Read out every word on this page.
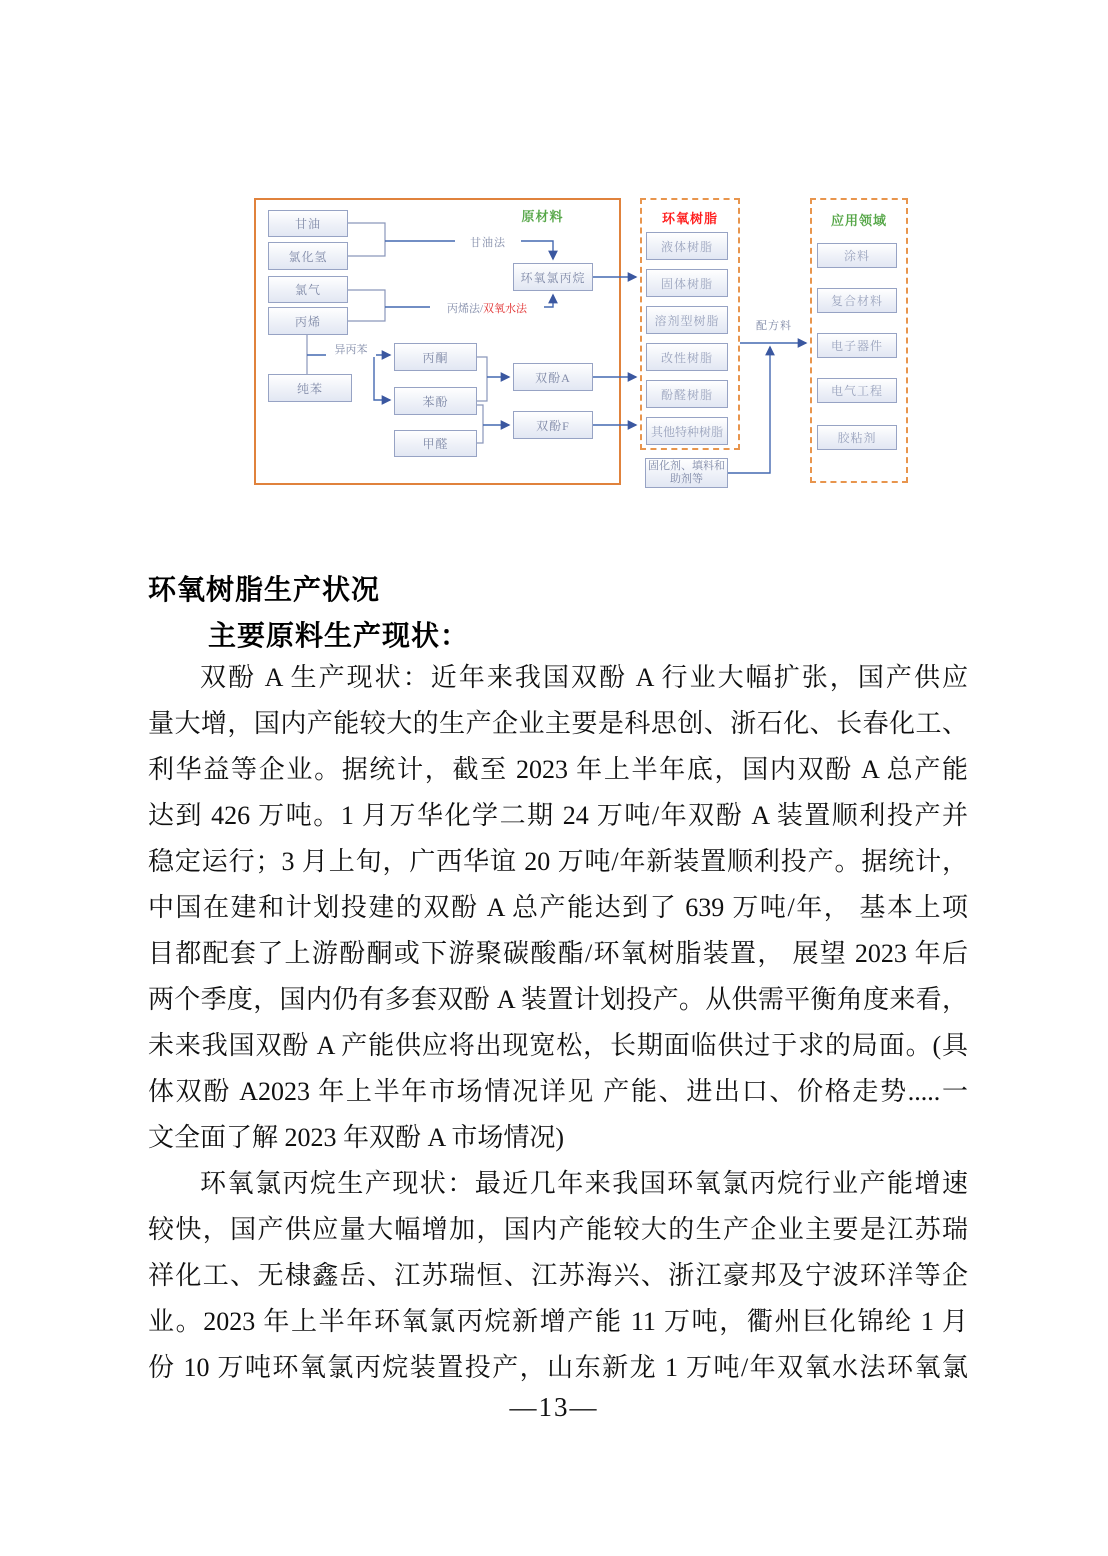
原材料	环氧树脂	应用领域
甘油
氯化氢
氯气
丙烯
纯苯
环氧氯丙烷
丙酮
苯酚
甲醛
双酚A
双酚F
液体树脂
固体树脂
溶剂型树脂
改性树脂
酚醛树脂
其他特种树脂
固化剂、填料和
助剂等
涂料
复合材料
电子器件
电气工程
胶粘剂
甘油法
丙烯法/双氧水法
异丙苯
配方料
环氧树脂生产状况
主要原料生产现状：
双酚 A 生产现状：近年来我国双酚 A 行业大幅扩张，国产供应
量大增，国内产能较大的生产企业主要是科思创、浙石化、长春化工、
利华益等企业。据统计，截至 2023 年上半年底，国内双酚 A 总产能
达到 426 万吨。1 月万华化学二期 24 万吨/年双酚 A 装置顺利投产并
稳定运行；3 月上旬，广西华谊 20 万吨/年新装置顺利投产。据统计，
中国在建和计划投建的双酚 A 总产能达到了 639 万吨/年， 基本上项
目都配套了上游酚酮或下游聚碳酸酯/环氧树脂装置， 展望 2023 年后
两个季度，国内仍有多套双酚 A 装置计划投产。从供需平衡角度来看，
未来我国双酚 A 产能供应将出现宽松，长期面临供过于求的局面。(具
体双酚 A2023 年上半年市场情况详见 产能、进出口、价格走势.....一
文全面了解 2023 年双酚 A 市场情况)
环氧氯丙烷生产现状：最近几年来我国环氧氯丙烷行业产能增速
较快，国产供应量大幅增加，国内产能较大的生产企业主要是江苏瑞
祥化工、无棣鑫岳、江苏瑞恒、江苏海兴、浙江豪邦及宁波环洋等企
业。2023 年上半年环氧氯丙烷新增产能 11 万吨，衢州巨化锦纶 1 月
份 10 万吨环氧氯丙烷装置投产，山东新龙 1 万吨/年双氧水法环氧氯
—13—
